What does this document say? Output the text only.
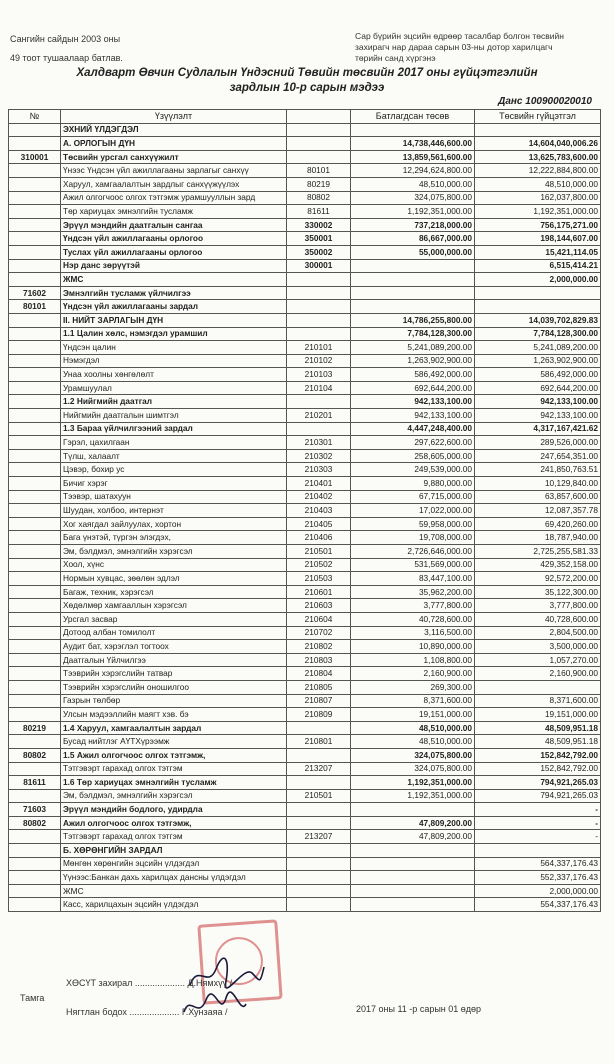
Сангийн сайдын 2003 оны
49 тоот тушаалаар батлав.
Сар бүрийн эцсийн өдрөөр тасалбар болгон төсвийн
захирагч нар дараа сарын 03-ны дотор харилцагч
төрийн санд хүргэнэ
Халдварт Өвчин Судлалын Үндэсний Төвийн төсвийн 2017 оны гүйцэтгэлийн
зардлын 10-р сарын мэдээ
Данс 100900020010
№	Үзүүлэлт		Батлагдсан төсөв	Төсвийн гүйцэтгэл
	ЭХНИЙ ҮЛДЭГДЭЛ			
	А. ОРЛОГЫН ДҮН		14,738,446,600.00	14,604,040,006.26
310001	Төсвийн урсгал санхүүжилт		13,859,561,600.00	13,625,783,600.00
	Үнээс Үндсэн үйл ажиллагааны зарлагыг санхүү	80101	12,294,624,800.00	12,222,884,800.00
	Харуул, хамгаалалтын зардлыг санхүүжүүлэх	80219	48,510,000.00	48,510,000.00
	Ажил олгогчоос олгох тэтгэмж урамшууллын зард	80802	324,075,800.00	162,037,800.00
	Төр хариуцах эмнэлгийн тусламж	81611	1,192,351,000.00	1,192,351,000.00
	Эрүүл мэндийн даатгалын сангаа	330002	737,218,000.00	756,175,271.00
	Үндсэн үйл ажиллагааны орлогоо	350001	86,667,000.00	198,144,607.00
	Туслах үйл ажиллагааны орлогоо	350002	55,000,000.00	15,421,114.05
	Нэр данс зөрүүтэй	300001		6,515,414.21
	ЖМС			2,000,000.00
71602	Эмнэлгийн тусламж үйлчилгээ			
80101	Үндсэн үйл ажиллагааны зардал			
	II. НИЙТ ЗАРЛАГЫН ДҮН		14,786,255,800.00	14,039,702,829.83
	1.1 Цалин хөлс, нэмэгдэл урамшил		7,784,128,300.00	7,784,128,300.00
	Үндсэн цалин	210101	5,241,089,200.00	5,241,089,200.00
	Нэмэгдэл	210102	1,263,902,900.00	1,263,902,900.00
	Унаа хоолны хөнгөлөлт	210103	586,492,000.00	586,492,000.00
	Урамшуулал	210104	692,644,200.00	692,644,200.00
	1.2 Нийгмийн даатгал		942,133,100.00	942,133,100.00
	Нийгмийн даатгалын шимтгэл	210201	942,133,100.00	942,133,100.00
	1.3 Бараа үйлчилгээний зардал		4,447,248,400.00	4,317,167,421.62
	Гэрэл, цахилгаан	210301	297,622,600.00	289,526,000.00
	Түлш, халаалт	210302	258,605,000.00	247,654,351.00
	Цэвэр, бохир ус	210303	249,539,000.00	241,850,763.51
	Бичиг хэрэг	210401	9,880,000.00	10,129,840.00
	Тээвэр, шатахуун	210402	67,715,000.00	63,857,600.00
	Шуудан, холбоо, интернэт	210403	17,022,000.00	12,087,357.78
	Хог хаягдал зайлуулах, хортон	210405	59,958,000.00	69,420,260.00
	Бага үнэтэй, түргэн элэгдэх,	210406	19,708,000.00	18,787,940.00
	Эм, бэлдмэл, эмнэлгийн хэрэгсэл	210501	2,726,646,000.00	2,725,255,581.33
	Хоол, хүнс	210502	531,569,000.00	429,352,158.00
	Нормын хувцас, зөөлөн эдлэл	210503	83,447,100.00	92,572,200.00
	Багаж, техник, хэрэгсэл	210601	35,962,200.00	35,122,300.00
	Хөдөлмөр хамгааллын хэрэгсэл	210603	3,777,800.00	3,777,800.00
	Урсгал засвар	210604	40,728,600.00	40,728,600.00
	Дотоод албан томилолт	210702	3,116,500.00	2,804,500.00
	Аудит бат, хэрэглэл тогтоох	210802	10,890,000.00	3,500,000.00
	Даатгалын Үйлчилгээ	210803	1,108,800.00	1,057,270.00
	Тээврийн хэрэгслийн татвар	210804	2,160,900.00	2,160,900.00
	Тээврийн хэрэгслийн оношилгоо	210805	269,300.00	
	Газрын төлбөр	210807	8,371,600.00	8,371,600.00
	Улсын мэдээллийн маягт хэв. бэ	210809	19,151,000.00	19,151,000.00
80219	1.4 Харуул, хамгаалалтын зардал		48,510,000.00	48,509,951.18
	Бусад нийтлэг АҮТХүрээмж	210801	48,510,000.00	48,509,951.18
80802	1.5 Ажил олгогчоос олгох тэтгэмж,		324,075,800.00	152,842,792.00
	Тэтгэвэрт гарахад олгох тэтгэм	213207	324,075,800.00	152,842,792.00
81611	1.6 Төр хариуцах эмнэлгийн тусламж		1,192,351,000.00	794,921,265.03
	Эм, бэлдмэл, эмнэлгийн хэрэгсэл	210501	1,192,351,000.00	794,921,265.03
71603	Эрүүл мэндийн бодлого, удирдла			-
80802	Ажил олгогчоос олгох тэтгэмж,		47,809,200.00	-
	Тэтгэвэрт гарахад олгох тэтгэм	213207	47,809,200.00	-
	Б. ХӨРӨНГИЙН ЗАРДАЛ			
	Мөнгөн хөрөнгийн эцсийн үлдэгдэл			564,337,176.43
	Үүнээс:Банкан дахь харилцах дансны үлдэгдэл			552,337,176.43
	ЖМС			2,000,000.00
	Касс, харилцахын эцсийн үлдэгдэл			554,337,176.43
ХӨСҮТ захирал .................... Д.Нямхүү /
Тамга
Нягтлан бодох .................... Г.Хунзаяа /	2017 оны 11 -р сарын 01 өдөр
